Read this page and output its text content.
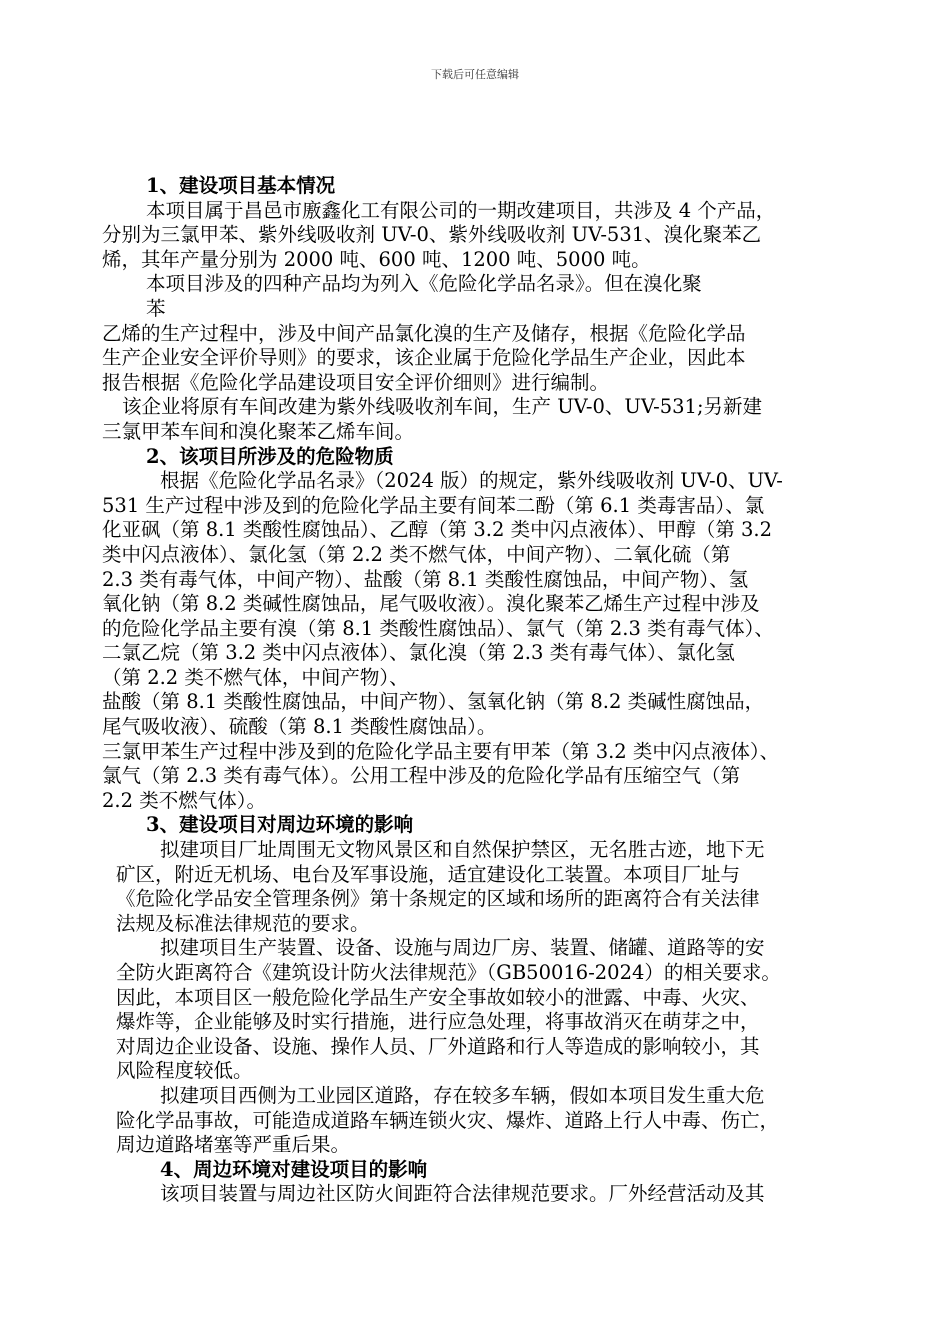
下载后可任意编辑

1、建设项目基本情况

本项目属于昌邑市廒鑫化工有限公司的一期改建项目，共涉及 4 个产品，

分别为三氯甲苯、紫外线吸收剂 UV-0、紫外线吸收剂 UV-531、溴化聚苯乙

烯，其年产量分别为 2000 吨、600 吨、1200 吨、5000 吨。

本项目涉及的四种产品均为列入《危险化学品名录》。但在溴化聚

苯

乙烯的生产过程中，涉及中间产品氯化溴的生产及储存，根据《危险化学品

生产企业安全评价导则》的要求，该企业属于危险化学品生产企业，因此本

报告根据《危险化学品建设项目安全评价细则》进行编制。

该企业将原有车间改建为紫外线吸收剂车间，生产 UV-0、UV-531;另新建

三氯甲苯车间和溴化聚苯乙烯车间。

2、该项目所涉及的危险物质

根据《危险化学品名录》（2024 版）的规定，紫外线吸收剂 UV-0、UV-

531 生产过程中涉及到的危险化学品主要有间苯二酚（第 6.1 类毒害品）、氯

化亚砜（第 8.1 类酸性腐蚀品）、乙醇（第 3.2 类中闪点液体）、甲醇（第 3.2

类中闪点液体）、氯化氢（第 2.2 类不燃气体，中间产物）、二氧化硫（第

2.3 类有毒气体，中间产物）、盐酸（第 8.1 类酸性腐蚀品，中间产物）、氢

氧化钠（第 8.2 类碱性腐蚀品，尾气吸收液）。溴化聚苯乙烯生产过程中涉及

的危险化学品主要有溴（第 8.1 类酸性腐蚀品）、氯气（第 2.3 类有毒气体）、

二氯乙烷（第 3.2 类中闪点液体）、氯化溴（第 2.3 类有毒气体）、氯化氢

（第 2.2 类不燃气体，中间产物）、

盐酸（第 8.1 类酸性腐蚀品，中间产物）、氢氧化钠（第 8.2 类碱性腐蚀品，

尾气吸收液）、硫酸（第 8.1 类酸性腐蚀品）。

三氯甲苯生产过程中涉及到的危险化学品主要有甲苯（第 3.2 类中闪点液体）、

氯气（第 2.3 类有毒气体）。公用工程中涉及的危险化学品有压缩空气（第

2.2 类不燃气体）。

3、建设项目对周边环境的影响

拟建项目厂址周围无文物风景区和自然保护禁区，无名胜古迹，地下无

矿区，附近无机场、电台及军事设施，适宜建设化工装置。本项目厂址与

《危险化学品安全管理条例》第十条规定的区域和场所的距离符合有关法律

法规及标准法律规范的要求。

拟建项目生产装置、设备、设施与周边厂房、装置、储罐、道路等的安

全防火距离符合《建筑设计防火法律规范》（GB50016-2024）的相关要求。

因此，本项目区一般危险化学品生产安全事故如较小的泄露、中毒、火灾、

爆炸等，企业能够及时实行措施，进行应急处理，将事故消灭在萌芽之中，

对周边企业设备、设施、操作人员、厂外道路和行人等造成的影响较小，其

风险程度较低。

拟建项目西侧为工业园区道路，存在较多车辆，假如本项目发生重大危

险化学品事故，可能造成道路车辆连锁火灾、爆炸、道路上行人中毒、伤亡，

周边道路堵塞等严重后果。

4、周边环境对建设项目的影响

该项目装置与周边社区防火间距符合法律规范要求。厂外经营活动及其
